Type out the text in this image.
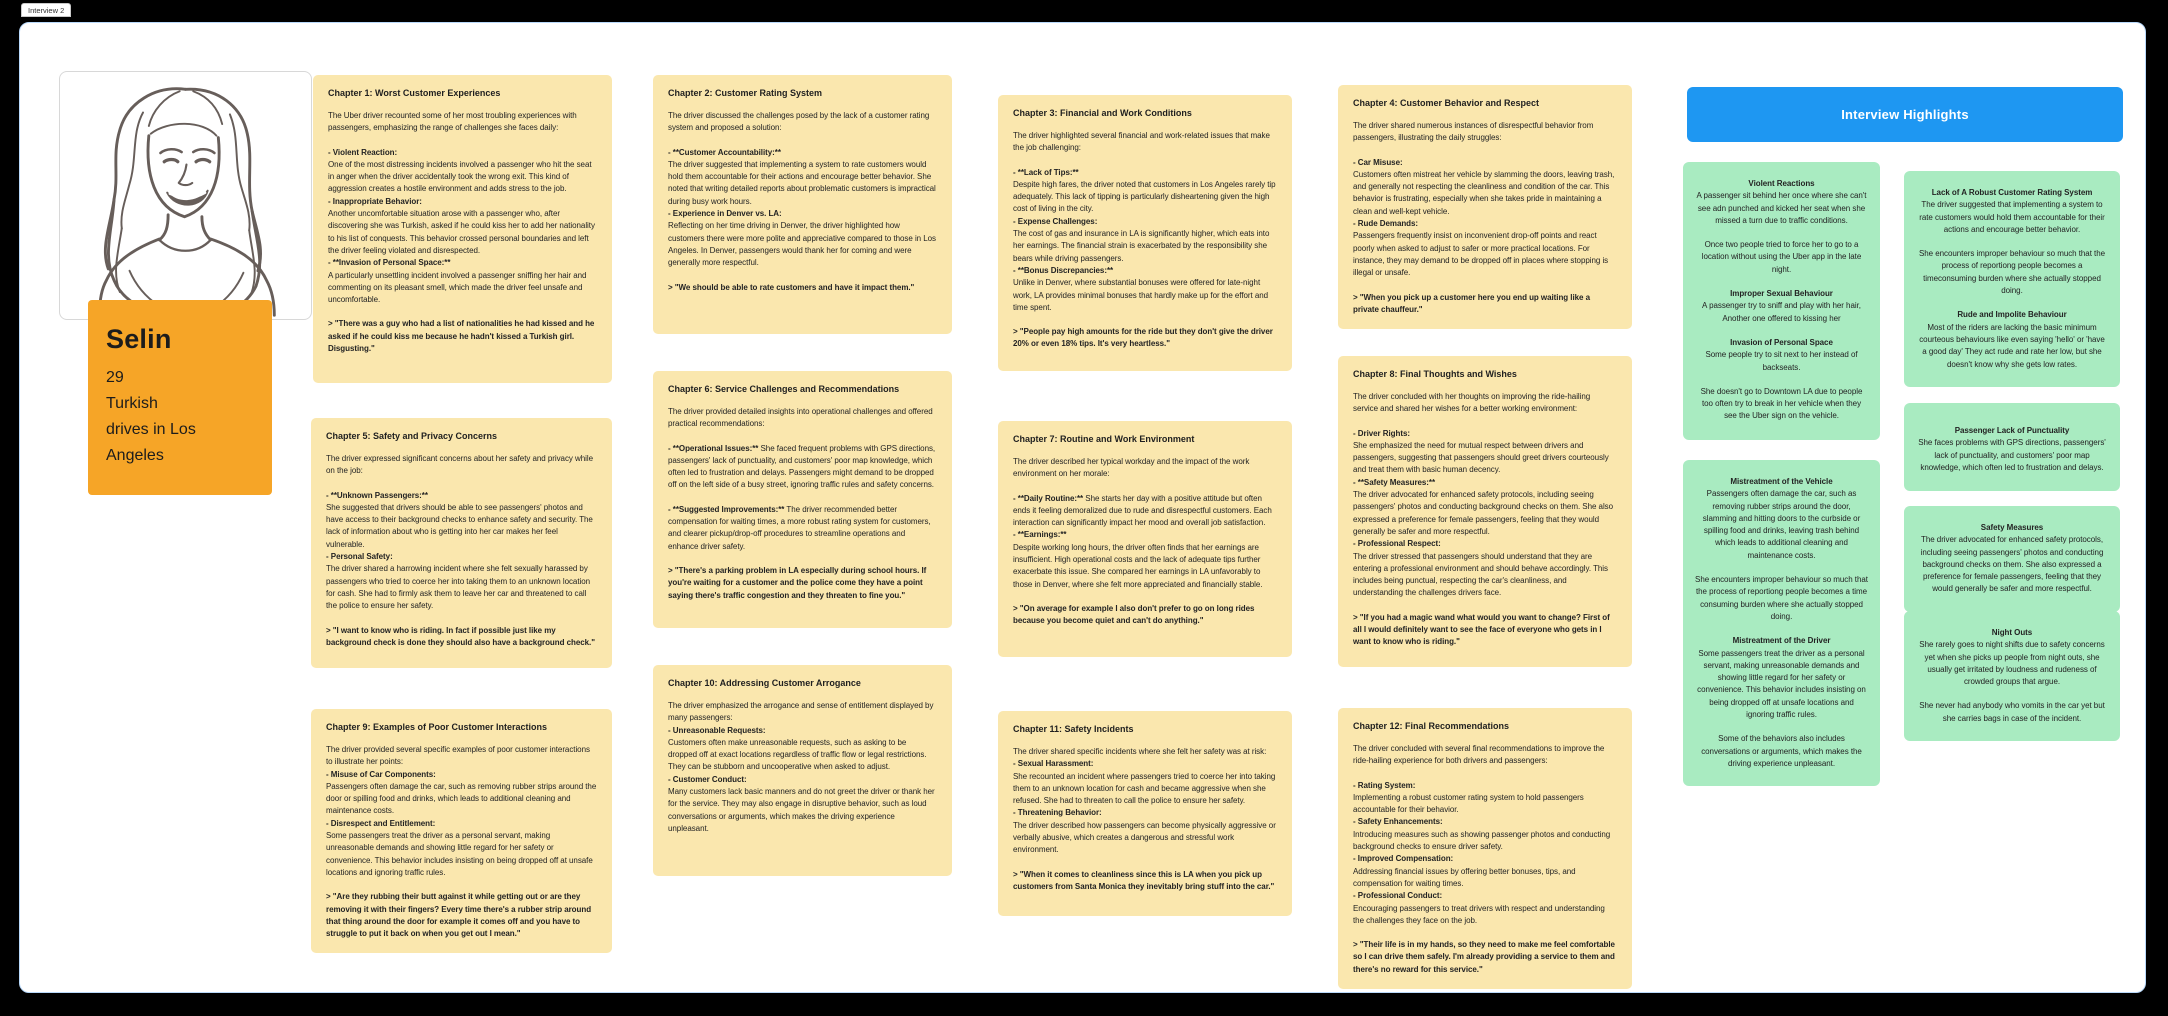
Interview 2
Selin
29
Turkish
drives in Los Angeles
Chapter 1: Worst Customer Experiences

The Uber driver recounted some of her most troubling experiences with passengers, emphasizing the range of challenges she faces daily:

- Violent Reaction:

One of the most distressing incidents involved a passenger who hit the seat in anger when the driver accidentally took the wrong exit. This kind of aggression creates a hostile environment and adds stress to the job.

- Inappropriate Behavior:

Another uncomfortable situation arose with a passenger who, after discovering she was Turkish, asked if he could kiss her to add her nationality to his list of conquests. This behavior crossed personal boundaries and left the driver feeling violated and disrespected.

- **Invasion of Personal Space:**

A particularly unsettling incident involved a passenger sniffing her hair and commenting on its pleasant smell, which made the driver feel unsafe and uncomfortable.

> "There was a guy who had a list of nationalities he had kissed and he asked if he could kiss me because he hadn't kissed a Turkish girl. Disgusting."

Chapter 2: Customer Rating System

The driver discussed the challenges posed by the lack of a customer rating system and proposed a solution:

- **Customer Accountability:**

The driver suggested that implementing a system to rate customers would hold them accountable for their actions and encourage better behavior. She noted that writing detailed reports about problematic customers is impractical during busy work hours.

- Experience in Denver vs. LA:

Reflecting on her time driving in Denver, the driver highlighted how customers there were more polite and appreciative compared to those in Los Angeles. In Denver, passengers would thank her for coming and were generally more respectful.

> "We should be able to rate customers and have it impact them."

Chapter 3: Financial and Work Conditions

The driver highlighted several financial and work-related issues that make the job challenging:

- **Lack of Tips:**

Despite high fares, the driver noted that customers in Los Angeles rarely tip adequately. This lack of tipping is particularly disheartening given the high cost of living in the city.

- Expense Challenges:

The cost of gas and insurance in LA is significantly higher, which eats into her earnings. The financial strain is exacerbated by the responsibility she bears while driving passengers.

- **Bonus Discrepancies:**

Unlike in Denver, where substantial bonuses were offered for late-night work, LA provides minimal bonuses that hardly make up for the effort and time spent.

> "People pay high amounts for the ride but they don't give the driver 20% or even 18% tips. It's very heartless."

Chapter 4: Customer Behavior and Respect

The driver shared numerous instances of disrespectful behavior from passengers, illustrating the daily struggles:

- Car Misuse:

Customers often mistreat her vehicle by slamming the doors, leaving trash, and generally not respecting the cleanliness and condition of the car. This behavior is frustrating, especially when she takes pride in maintaining a clean and well-kept vehicle.

- Rude Demands:

Passengers frequently insist on inconvenient drop-off points and react poorly when asked to adjust to safer or more practical locations. For instance, they may demand to be dropped off in places where stopping is illegal or unsafe.

> "When you pick up a customer here you end up waiting like a private chauffeur."

Chapter 5: Safety and Privacy Concerns

The driver expressed significant concerns about her safety and privacy while on the job:

- **Unknown Passengers:**

She suggested that drivers should be able to see passengers' photos and have access to their background checks to enhance safety and security. The lack of information about who is getting into her car makes her feel vulnerable.

- Personal Safety:

The driver shared a harrowing incident where she felt sexually harassed by passengers who tried to coerce her into taking them to an unknown location for cash. She had to firmly ask them to leave her car and threatened to call the police to ensure her safety.

> "I want to know who is riding. In fact if possible just like my background check is done they should also have a background check."

Chapter 6: Service Challenges and Recommendations

The driver provided detailed insights into operational challenges and offered practical recommendations:

- **Operational Issues:** She faced frequent problems with GPS directions, passengers' lack of punctuality, and customers' poor map knowledge, which often led to frustration and delays. Passengers might demand to be dropped off on the left side of a busy street, ignoring traffic rules and safety concerns.

- **Suggested Improvements:** The driver recommended better compensation for waiting times, a more robust rating system for customers, and clearer pickup/drop-off procedures to streamline operations and enhance driver safety.

> "There's a parking problem in LA especially during school hours. If you're waiting for a customer and the police come they have a point saying there's traffic congestion and they threaten to fine you."

Chapter 7: Routine and Work Environment

The driver described her typical workday and the impact of the work environment on her morale:

- **Daily Routine:** She starts her day with a positive attitude but often ends it feeling demoralized due to rude and disrespectful customers. Each interaction can significantly impact her mood and overall job satisfaction.

- **Earnings:**

Despite working long hours, the driver often finds that her earnings are insufficient. High operational costs and the lack of adequate tips further exacerbate this issue. She compared her earnings in LA unfavorably to those in Denver, where she felt more appreciated and financially stable.

> "On average for example I also don't prefer to go on long rides because you become quiet and can't do anything."

Chapter 8: Final Thoughts and Wishes

The driver concluded with her thoughts on improving the ride-hailing service and shared her wishes for a better working environment:

- Driver Rights:

She emphasized the need for mutual respect between drivers and passengers, suggesting that passengers should greet drivers courteously and treat them with basic human decency.

- **Safety Measures:**

The driver advocated for enhanced safety protocols, including seeing passengers' photos and conducting background checks on them. She also expressed a preference for female passengers, feeling that they would generally be safer and more respectful.

- Professional Respect:

The driver stressed that passengers should understand that they are entering a professional environment and should behave accordingly. This includes being punctual, respecting the car's cleanliness, and understanding the challenges drivers face.

> "If you had a magic wand what would you want to change? First of all I would definitely want to see the face of everyone who gets in I want to know who is riding."

Chapter 9: Examples of Poor Customer Interactions

The driver provided several specific examples of poor customer interactions to illustrate her points:

- Misuse of Car Components:

Passengers often damage the car, such as removing rubber strips around the door or spilling food and drinks, which leads to additional cleaning and maintenance costs.

- Disrespect and Entitlement:

Some passengers treat the driver as a personal servant, making unreasonable demands and showing little regard for her safety or convenience. This behavior includes insisting on being dropped off at unsafe locations and ignoring traffic rules.

> "Are they rubbing their butt against it while getting out or are they removing it with their fingers? Every time there's a rubber strip around that thing around the door for example it comes off and you have to struggle to put it back on when you get out I mean."

Chapter 10: Addressing Customer Arrogance

The driver emphasized the arrogance and sense of entitlement displayed by many passengers:

- Unreasonable Requests:

Customers often make unreasonable requests, such as asking to be dropped off at exact locations regardless of traffic flow or legal restrictions. They can be stubborn and uncooperative when asked to adjust.

- Customer Conduct:

Many customers lack basic manners and do not greet the driver or thank her for the service. They may also engage in disruptive behavior, such as loud conversations or arguments, which makes the driving experience unpleasant.

Chapter 11: Safety Incidents

The driver shared specific incidents where she felt her safety was at risk:

- Sexual Harassment:

She recounted an incident where passengers tried to coerce her into taking them to an unknown location for cash and became aggressive when she refused. She had to threaten to call the police to ensure her safety.

- Threatening Behavior:

The driver described how passengers can become physically aggressive or verbally abusive, which creates a dangerous and stressful work environment.

> "When it comes to cleanliness since this is LA when you pick up customers from Santa Monica they inevitably bring stuff into the car."

Chapter 12: Final Recommendations

The driver concluded with several final recommendations to improve the ride-hailing experience for both drivers and passengers:

- Rating System:

Implementing a robust customer rating system to hold passengers accountable for their behavior.

- Safety Enhancements:

Introducing measures such as showing passenger photos and conducting background checks to ensure driver safety.

- Improved Compensation:

Addressing financial issues by offering better bonuses, tips, and compensation for waiting times.

- Professional Conduct:

Encouraging passengers to treat drivers with respect and understanding the challenges they face on the job.

> "Their life is in my hands, so they need to make me feel comfortable so I can drive them safely. I'm already providing a service to them and there's no reward for this service."

Interview Highlights

Violent Reactions

A passenger sit behind her once where she can't see adn punched and kicked her seat when she missed a turn due to traffic conditions.

Once two people tried to force her to go to a location without using the Uber app in the late night.

Improper Sexual Behaviour

A passenger try to sniff and play with her hair, Another one offered to kissing her

Invasion of Personal Space

Some people try to sit next to her instead of backseats.

She doesn't go to Downtown LA due to people too often try to break in her vehicle when they see the Uber sign on the vehicle.

Mistreatment of the Vehicle

Passengers often damage the car, such as removing rubber strips around the door, slamming and hitting doors to the curbside or spilling food and drinks, leaving trash behind which leads to additional cleaning and maintenance costs.

She encounters improper behaviour so much that the process of reportiong people becomes a time consuming burden where she actually stopped doing.

Mistreatment of the Driver

Some passengers treat the driver as a personal servant, making unreasonable demands and showing little regard for her safety or convenience. This behavior includes insisting on being dropped off at unsafe locations and ignoring traffic rules.

Some of the behaviors also includes conversations or arguments, which makes the driving experience unpleasant.

Lack of A Robust Customer Rating System

The driver suggested that implementing a system to rate customers would hold them accountable for their actions and encourage better behavior.

She encounters improper behaviour so much that the process of reportiong people becomes a timeconsuming burden where she actually stopped doing.

Rude and Impolite Behaviour

Most of the riders are lacking the basic minimum courteous behaviours like even saying 'hello' or 'have a good day' They act rude and rate her low, but she doesn't know why she gets low rates.

Passenger Lack of Punctuality

She faces problems with GPS directions, passengers' lack of punctuality, and customers' poor map knowledge, which often led to frustration and delays.

Safety Measures

The driver advocated for enhanced safety protocols, including seeing passengers' photos and conducting background checks on them. She also expressed a preference for female passengers, feeling that they would generally be safer and more respectful.

Night Outs

She rarely goes to night shifts due to safety concerns yet when she picks up people from night outs, she usually get irritated by loudness and rudeness of crowded groups that argue.

She never had anybody who vomits in the car yet but she carries bags in case of the incident.
